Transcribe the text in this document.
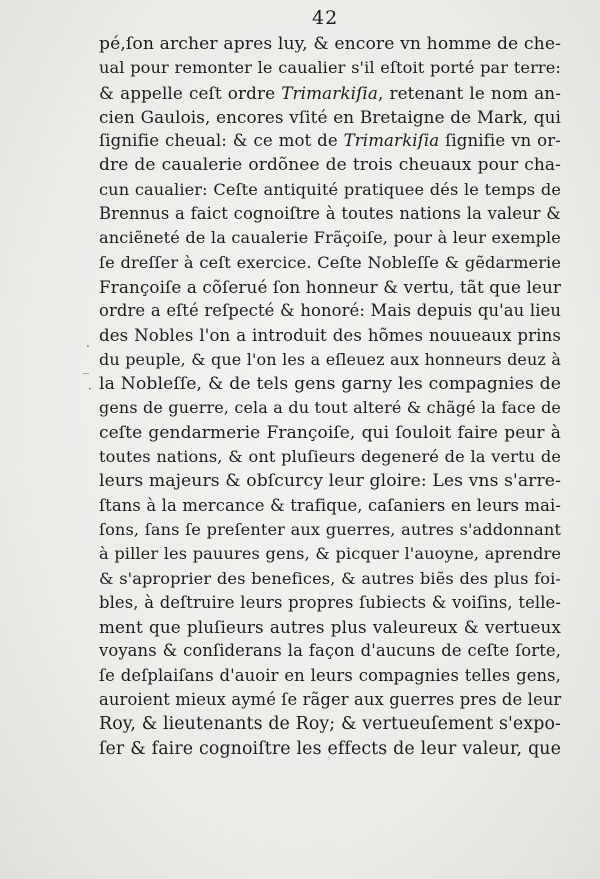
42
.
_
·
pé,ſon archer apres luy, & encore vn homme de che-
ual pour remonter le caualier s'il eſtoit porté par terre:
& appelle ceſt ordre Trimarkiſia, retenant le nom an-
cien Gaulois, encores vſité en Bretaigne de Mark, qui
ſignifie cheual: & ce mot de Trimarkiſia ſignifie vn or-
dre de caualerie ordõnee de trois cheuaux pour cha-
cun caualier: Ceſte antiquité pratiquee dés le temps de
Brennus a faict cognoiſtre à toutes nations la valeur &
anciẽneté de la caualerie Frãçoiſe, pour à leur exemple
ſe dreſſer à ceſt exercice. Ceſte Nobleſſe & gẽdarmerie
Françoiſe a cõſerué ſon honneur & vertu, tãt que leur
ordre a eſté reſpecté & honoré: Mais depuis qu'au lieu
des Nobles l'on a introduit des hõmes nouueaux prins
du peuple, & que l'on les a eſleuez aux honneurs deuz à
la Nobleſſe, & de tels gens garny les compagnies de
gens de guerre, cela a du tout alteré & chãgé la face de
ceſte gendarmerie Françoiſe, qui ſouloit faire peur à
toutes nations, & ont pluſieurs degeneré de la vertu de
leurs majeurs & obſcurcy leur gloire: Les vns s'arre-
ſtans à la mercance & trafique, caſaniers en leurs mai-
ſons, ſans ſe preſenter aux guerres, autres s'addonnant
à piller les pauures gens, & picquer l'auoyne, aprendre
& s'aproprier des benefices, & autres biẽs des plus foi-
bles, à deſtruire leurs propres ſubiects & voiſins, telle-
ment que pluſieurs autres plus valeureux & vertueux
voyans & conſiderans la façon d'aucuns de ceſte ſorte,
ſe deſplaiſans d'auoir en leurs compagnies telles gens,
auroient mieux aymé ſe rãger aux guerres pres de leur
Roy, & lieutenants de Roy; & vertueuſement s'expo-
ſer & faire cognoiſtre les effects de leur valeur, que
